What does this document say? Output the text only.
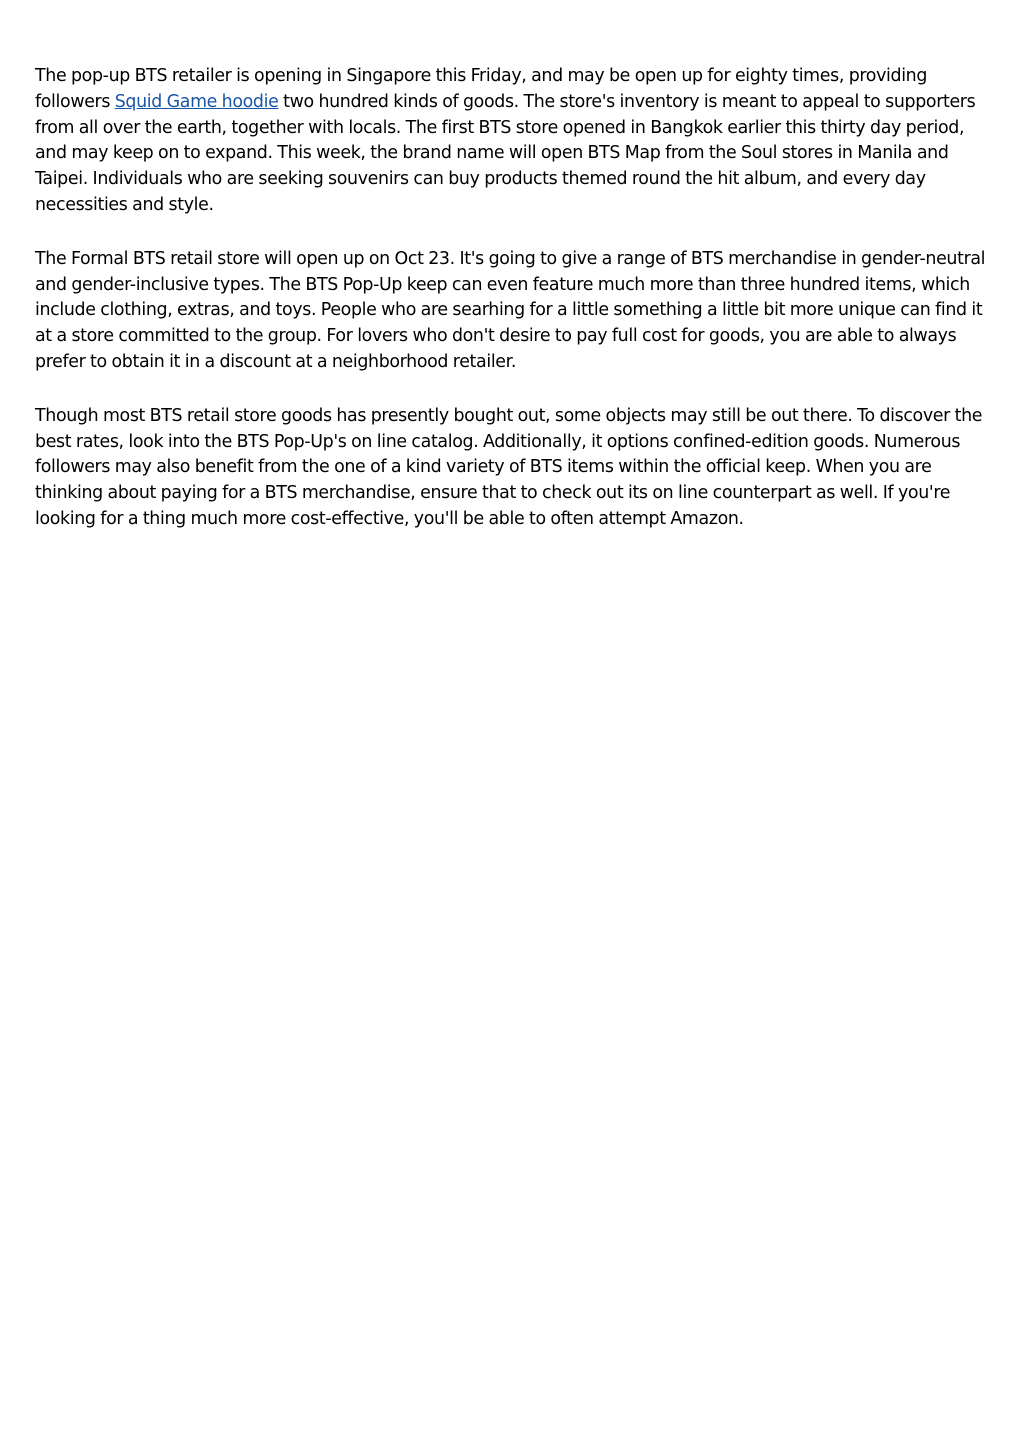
The pop-up BTS retailer is opening in Singapore this Friday, and may be open up for eighty times, providing followers Squid Game hoodie two hundred kinds of goods. The store's inventory is meant to appeal to supporters from all over the earth, together with locals. The first BTS store opened in Bangkok earlier this thirty day period, and may keep on to expand. This week, the brand name will open BTS Map from the Soul stores in Manila and Taipei. Individuals who are seeking souvenirs can buy products themed round the hit album, and every day necessities and style.

The Formal BTS retail store will open up on Oct 23. It's going to give a range of BTS merchandise in gender-neutral and gender-inclusive types. The BTS Pop-Up keep can even feature much more than three hundred items, which include clothing, extras, and toys. People who are searhing for a little something a little bit more unique can find it at a store committed to the group. For lovers who don't desire to pay full cost for goods, you are able to always prefer to obtain it in a discount at a neighborhood retailer.

Though most BTS retail store goods has presently bought out, some objects may still be out there. To discover the best rates, look into the BTS Pop-Up's on line catalog. Additionally, it options confined-edition goods. Numerous followers may also benefit from the one of a kind variety of BTS items within the official keep. When you are thinking about paying for a BTS merchandise, ensure that to check out its on line counterpart as well. If you're looking for a thing much more cost-effective, you'll be able to often attempt Amazon.
